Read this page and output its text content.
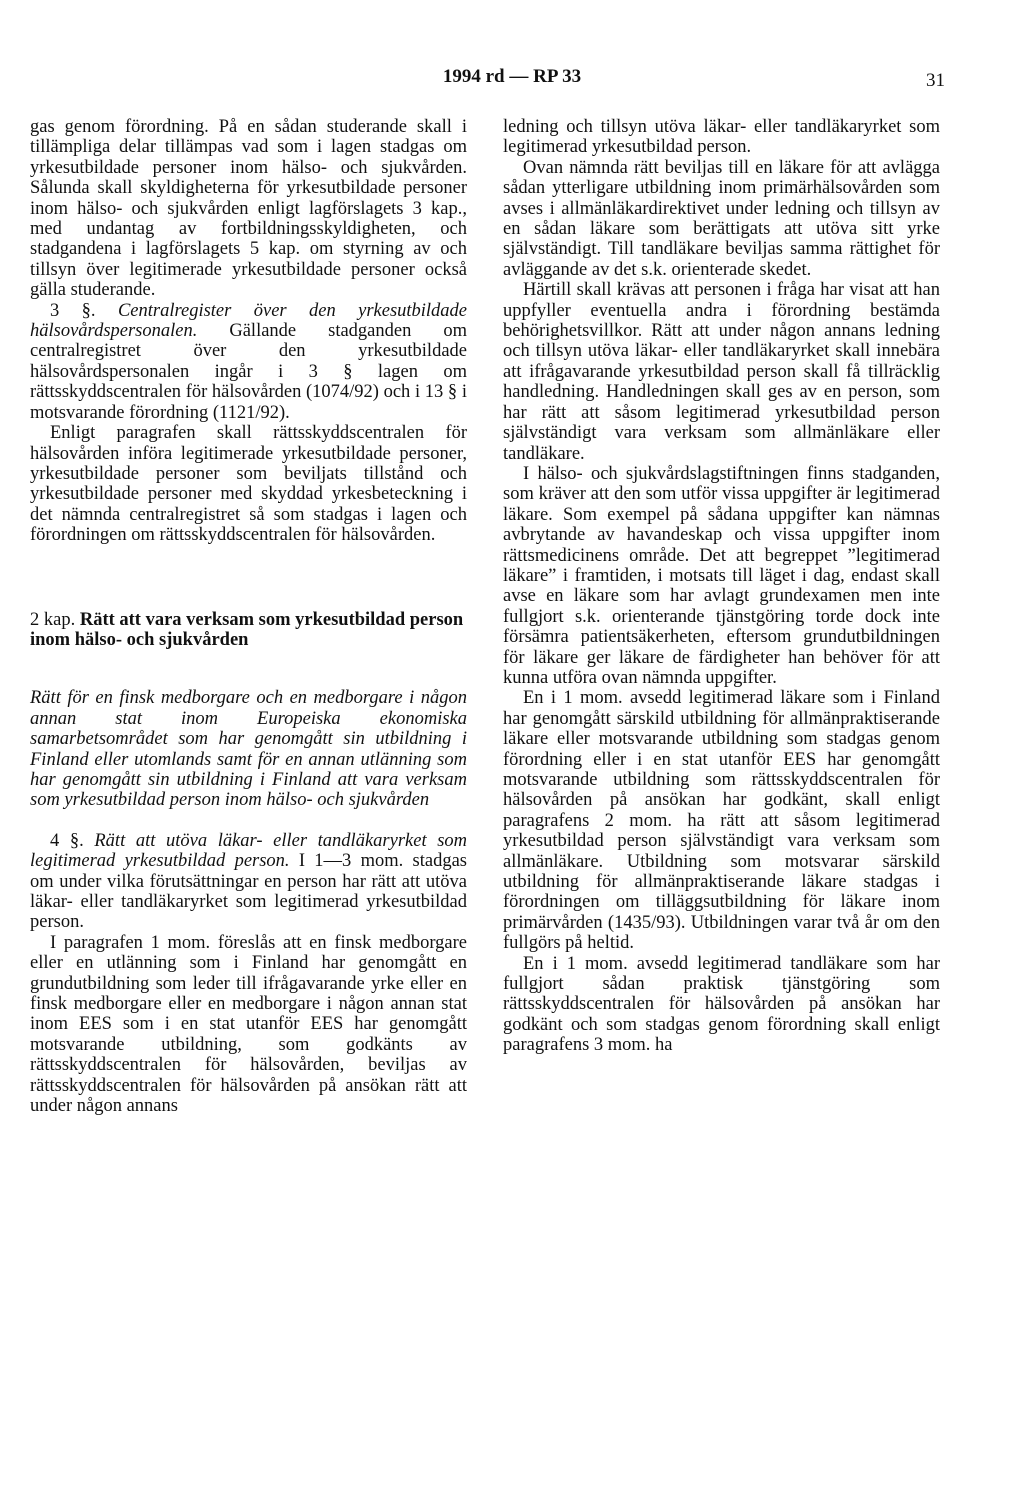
1994 rd — RP 33	31

gas genom förordning. På en sådan studerande skall i tillämpliga delar tillämpas vad som i lagen stadgas om yrkesutbildade personer inom hälso- och sjukvården. Sålunda skall skyldigheterna för yrkesutbildade personer inom hälso- och sjukvården enligt lagförslagets 3 kap., med undantag av fortbildningsskyldigheten, och stadgandena i lagförslagets 5 kap. om styrning av och tillsyn över legitimerade yrkesutbildade personer också gälla studerande.

3 §. Centralregister över den yrkesutbildade hälsovårdspersonalen. Gällande stadganden om centralregistret över den yrkesutbildade hälsovårdspersonalen ingår i 3 § lagen om rättsskyddscentralen för hälsovården (1074/92) och i 13 § i motsvarande förordning (1121/92).

Enligt paragrafen skall rättsskyddscentralen för hälsovården införa legitimerade yrkesutbildade personer, yrkesutbildade personer som beviljats tillstånd och yrkesutbildade personer med skyddad yrkesbeteckning i det nämnda centralregistret så som stadgas i lagen och förordningen om rättsskyddscentralen för hälsovården.

2 kap. Rätt att vara verksam som yrkesutbildad person inom hälso- och sjukvården

Rätt för en finsk medborgare och en medborgare i någon annan stat inom Europeiska ekonomiska samarbetsområdet som har genomgått sin utbildning i Finland eller utomlands samt för en annan utlänning som har genomgått sin utbildning i Finland att vara verksam som yrkesutbildad person inom hälso- och sjukvården

4 §. Rätt att utöva läkar- eller tandläkaryrket som legitimerad yrkesutbildad person. I 1—3 mom. stadgas om under vilka förutsättningar en person har rätt att utöva läkar- eller tandläkaryrket som legitimerad yrkesutbildad person.

I paragrafen 1 mom. föreslås att en finsk medborgare eller en utlänning som i Finland har genomgått en grundutbildning som leder till ifrågavarande yrke eller en finsk medborgare eller en medborgare i någon annan stat inom EES som i en stat utanför EES har genomgått motsvarande utbildning, som godkänts av rättsskyddscentralen för hälsovården, beviljas av rättsskyddscentralen för hälsovården på ansökan rätt att under någon annans

ledning och tillsyn utöva läkar- eller tandläkaryrket som legitimerad yrkesutbildad person.

Ovan nämnda rätt beviljas till en läkare för att avlägga sådan ytterligare utbildning inom primärhälsovården som avses i allmänläkardirektivet under ledning och tillsyn av en sådan läkare som berättigats att utöva sitt yrke självständigt. Till tandläkare beviljas samma rättighet för avläggande av det s.k. orienterade skedet.

Härtill skall krävas att personen i fråga har visat att han uppfyller eventuella andra i förordning bestämda behörighetsvillkor. Rätt att under någon annans ledning och tillsyn utöva läkar- eller tandläkaryrket skall innebära att ifrågavarande yrkesutbildad person skall få tillräcklig handledning. Handledningen skall ges av en person, som har rätt att såsom legitimerad yrkesutbildad person självständigt vara verksam som allmänläkare eller tandläkare.

I hälso- och sjukvårdslagstiftningen finns stadganden, som kräver att den som utför vissa uppgifter är legitimerad läkare. Som exempel på sådana uppgifter kan nämnas avbrytande av havandeskap och vissa uppgifter inom rättsmedicinens område. Det att begreppet ”legitimerad läkare” i framtiden, i motsats till läget i dag, endast skall avse en läkare som har avlagt grundexamen men inte fullgjort s.k. orienterande tjänstgöring torde dock inte försämra patientsäkerheten, eftersom grundutbildningen för läkare ger läkare de färdigheter han behöver för att kunna utföra ovan nämnda uppgifter.

En i 1 mom. avsedd legitimerad läkare som i Finland har genomgått särskild utbildning för allmänpraktiserande läkare eller motsvarande utbildning som stadgas genom förordning eller i en stat utanför EES har genomgått motsvarande utbildning som rättsskyddscentralen för hälsovården på ansökan har godkänt, skall enligt paragrafens 2 mom. ha rätt att såsom legitimerad yrkesutbildad person självständigt vara verksam som allmänläkare. Utbildning som motsvarar särskild utbildning för allmänpraktiserande läkare stadgas i förordningen om tilläggsutbildning för läkare inom primärvården (1435/93). Utbildningen varar två år om den fullgörs på heltid.

En i 1 mom. avsedd legitimerad tandläkare som har fullgjort sådan praktisk tjänstgöring som rättsskyddscentralen för hälsovården på ansökan har godkänt och som stadgas genom förordning skall enligt paragrafens 3 mom. ha
